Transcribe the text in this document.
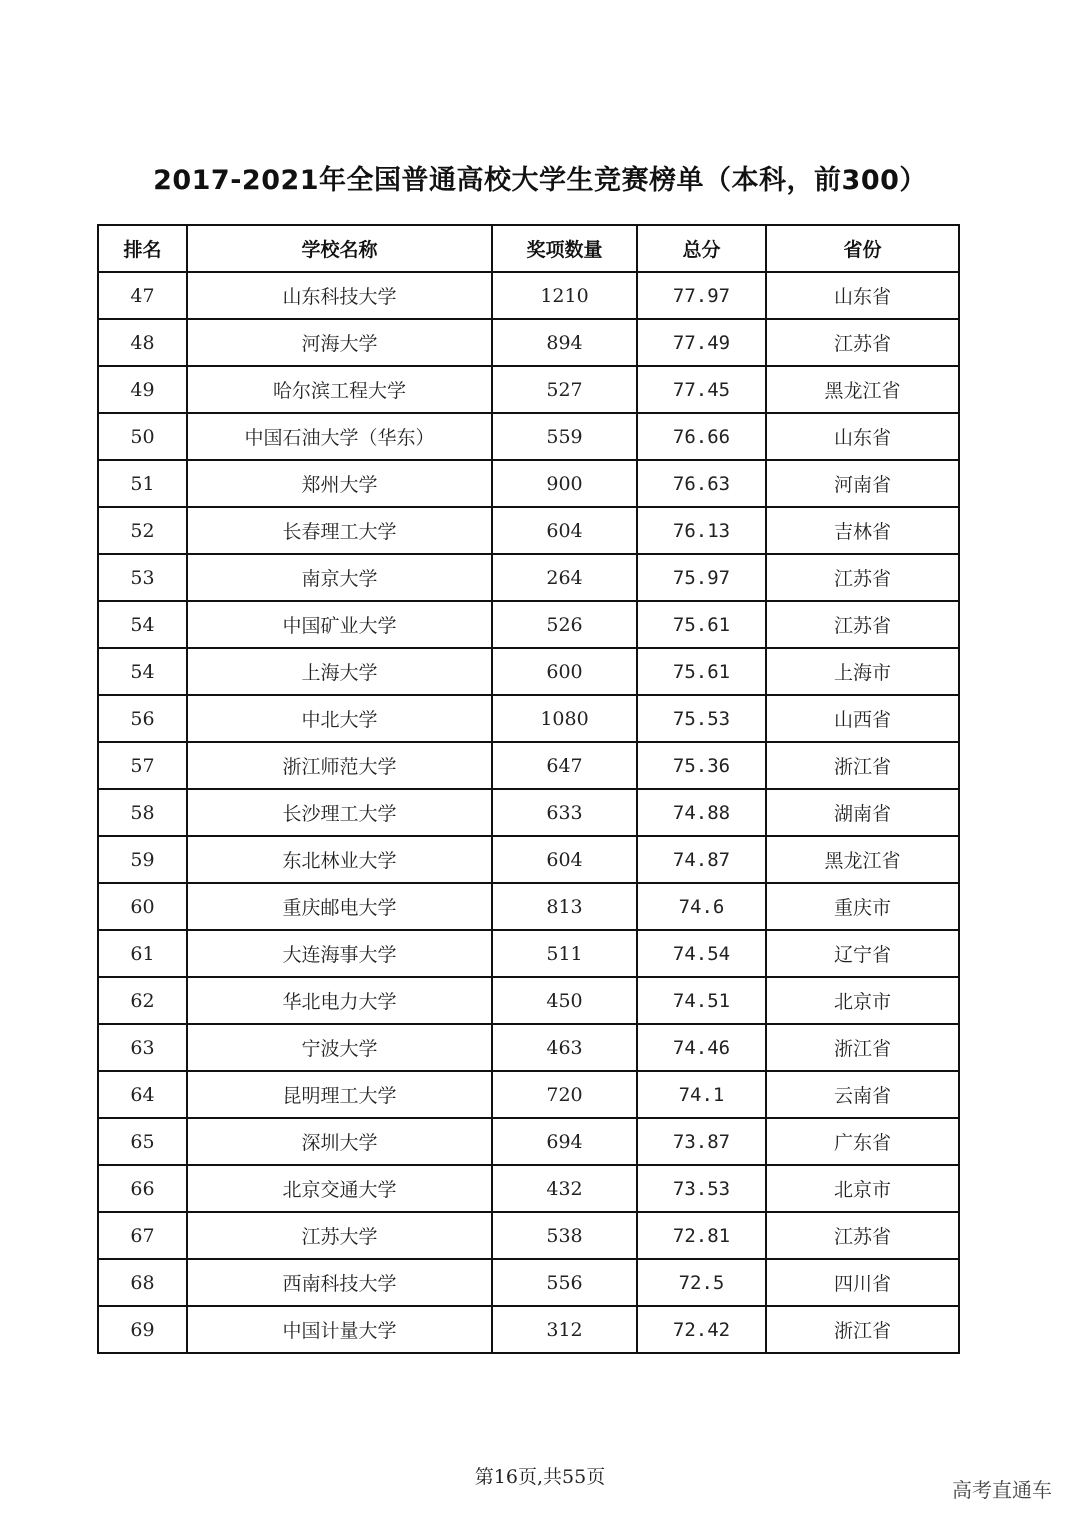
2017-2021年全国普通高校大学生竞赛榜单（本科，前300）
排名	学校名称	奖项数量	总分	省份
47	山东科技大学	1210	77.97	山东省
48	河海大学	894	77.49	江苏省
49	哈尔滨工程大学	527	77.45	黑龙江省
50	中国石油大学（华东）	559	76.66	山东省
51	郑州大学	900	76.63	河南省
52	长春理工大学	604	76.13	吉林省
53	南京大学	264	75.97	江苏省
54	中国矿业大学	526	75.61	江苏省
54	上海大学	600	75.61	上海市
56	中北大学	1080	75.53	山西省
57	浙江师范大学	647	75.36	浙江省
58	长沙理工大学	633	74.88	湖南省
59	东北林业大学	604	74.87	黑龙江省
60	重庆邮电大学	813	74.6	重庆市
61	大连海事大学	511	74.54	辽宁省
62	华北电力大学	450	74.51	北京市
63	宁波大学	463	74.46	浙江省
64	昆明理工大学	720	74.1	云南省
65	深圳大学	694	73.87	广东省
66	北京交通大学	432	73.53	北京市
67	江苏大学	538	72.81	江苏省
68	西南科技大学	556	72.5	四川省
69	中国计量大学	312	72.42	浙江省
第16页,共55页
高考直通车
